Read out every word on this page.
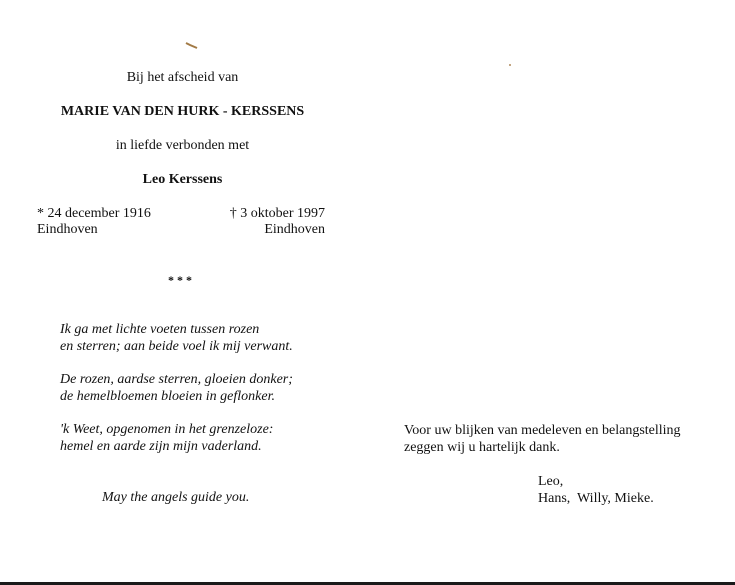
Bij het afscheid van
MARIE VAN DEN HURK - KERSSENS
in liefde verbonden met
Leo Kerssens
* 24 december 1916
Eindhoven
† 3 oktober 1997
Eindhoven
* * *
Ik ga met lichte voeten tussen rozen
en sterren; aan beide voel ik mij verwant.
De rozen, aardse sterren, gloeien donker;
de hemelbloemen bloeien in geflonker.
'k Weet, opgenomen in het grenzeloze:
hemel en aarde zijn mijn vaderland.
May the angels guide you.
Voor uw blijken van medeleven en belangstelling
zeggen wij u hartelijk dank.
Leo,
Hans,  Willy, Mieke.
